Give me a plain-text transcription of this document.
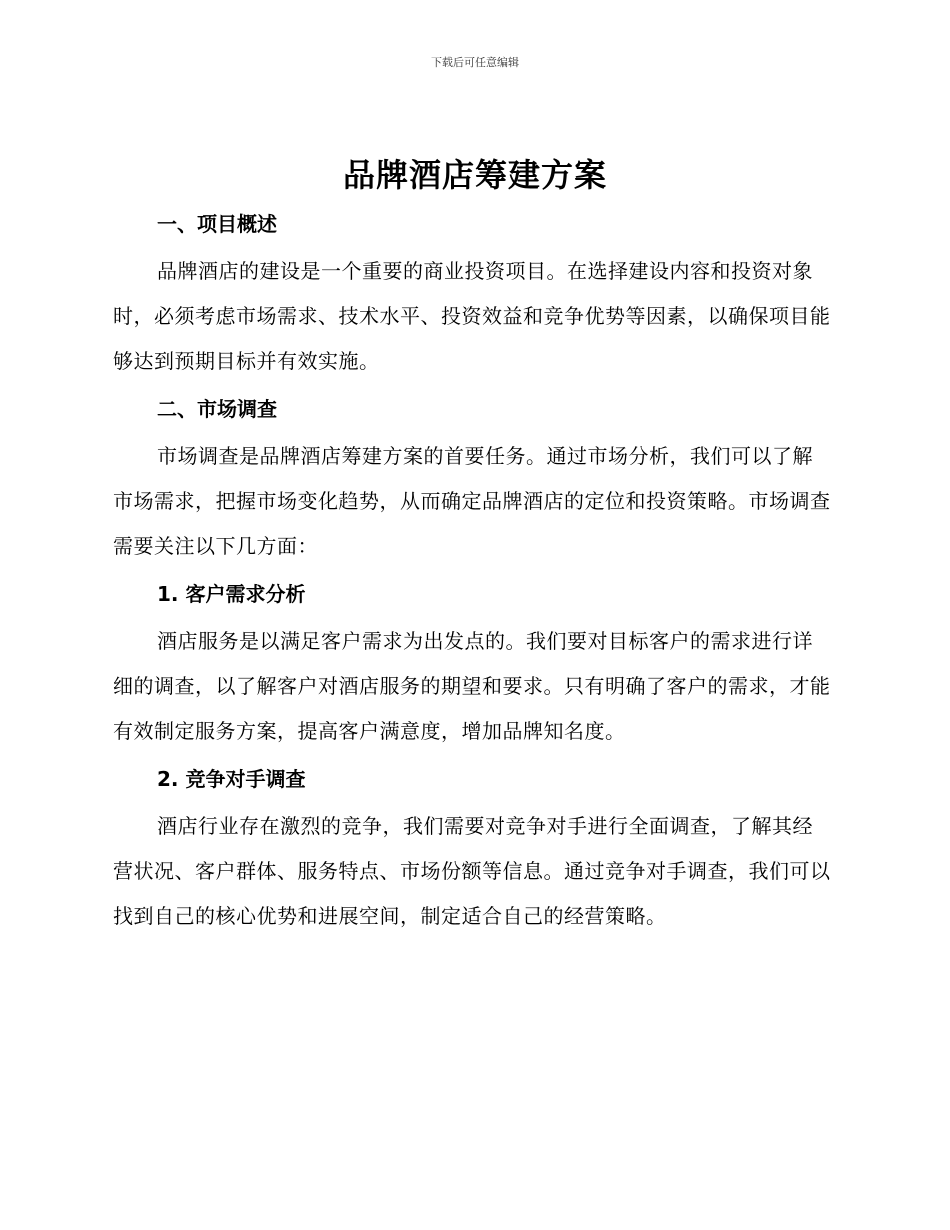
下载后可任意编辑
品牌酒店筹建方案
一、项目概述

品牌酒店的建设是一个重要的商业投资项目。在选择建设内容和投资对象时，必须考虑市场需求、技术水平、投资效益和竞争优势等因素，以确保项目能够达到预期目标并有效实施。

二、市场调查

市场调查是品牌酒店筹建方案的首要任务。通过市场分析，我们可以了解市场需求，把握市场变化趋势，从而确定品牌酒店的定位和投资策略。市场调查需要关注以下几方面：

1. 客户需求分析

酒店服务是以满足客户需求为出发点的。我们要对目标客户的需求进行详细的调查，以了解客户对酒店服务的期望和要求。只有明确了客户的需求，才能有效制定服务方案，提高客户满意度，增加品牌知名度。

2. 竞争对手调查

酒店行业存在激烈的竞争，我们需要对竞争对手进行全面调查，了解其经营状况、客户群体、服务特点、市场份额等信息。通过竞争对手调查，我们可以找到自己的核心优势和进展空间，制定适合自己的经营策略。
